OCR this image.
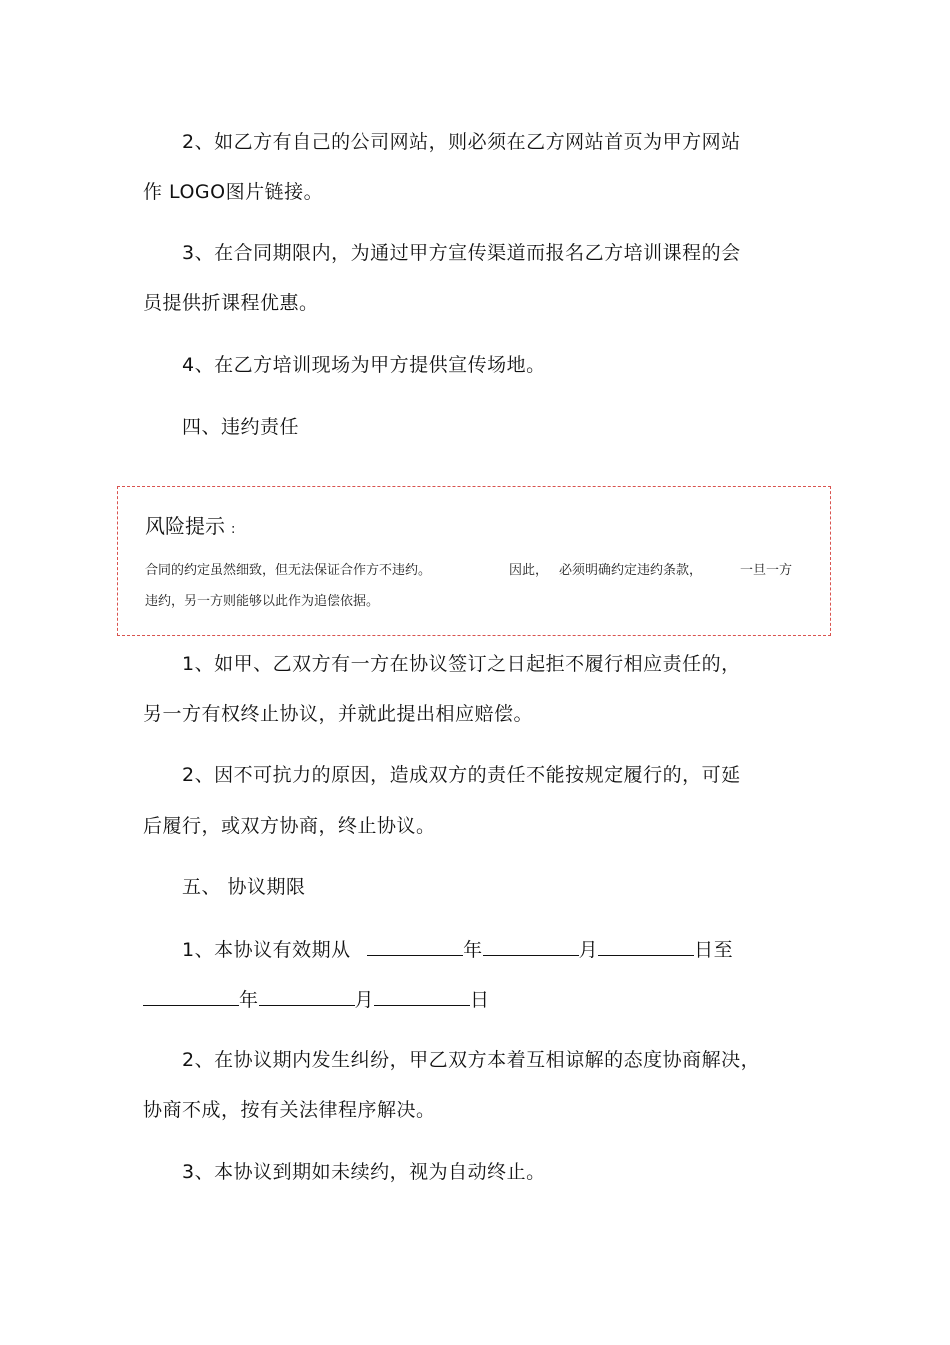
2、如乙方有自己的公司网站，则必须在乙方网站首页为甲方网站
作 LOGO图片链接。
3、在合同期限内，为通过甲方宣传渠道而报名乙方培训课程的会
员提供折课程优惠。
4、在乙方培训现场为甲方提供宣传场地。
四、违约责任
风险提示 :
合同的约定虽然细致，但无法保证合作方不违约。	因此， 必须明确约定违约条款，	一旦一方
违约，另一方则能够以此作为追偿依据。
1、如甲、乙双方有一方在协议签订之日起拒不履行相应责任的，
另一方有权终止协议，并就此提出相应赔偿。
2、因不可抗力的原因，造成双方的责任不能按规定履行的，可延
后履行，或双方协商，终止协议。
五、 协议期限
1、本协议有效期从	年	月	日至
年	月	日
2、在协议期内发生纠纷，甲乙双方本着互相谅解的态度协商解决，
协商不成，按有关法律程序解决。
3、本协议到期如未续约，视为自动终止。
